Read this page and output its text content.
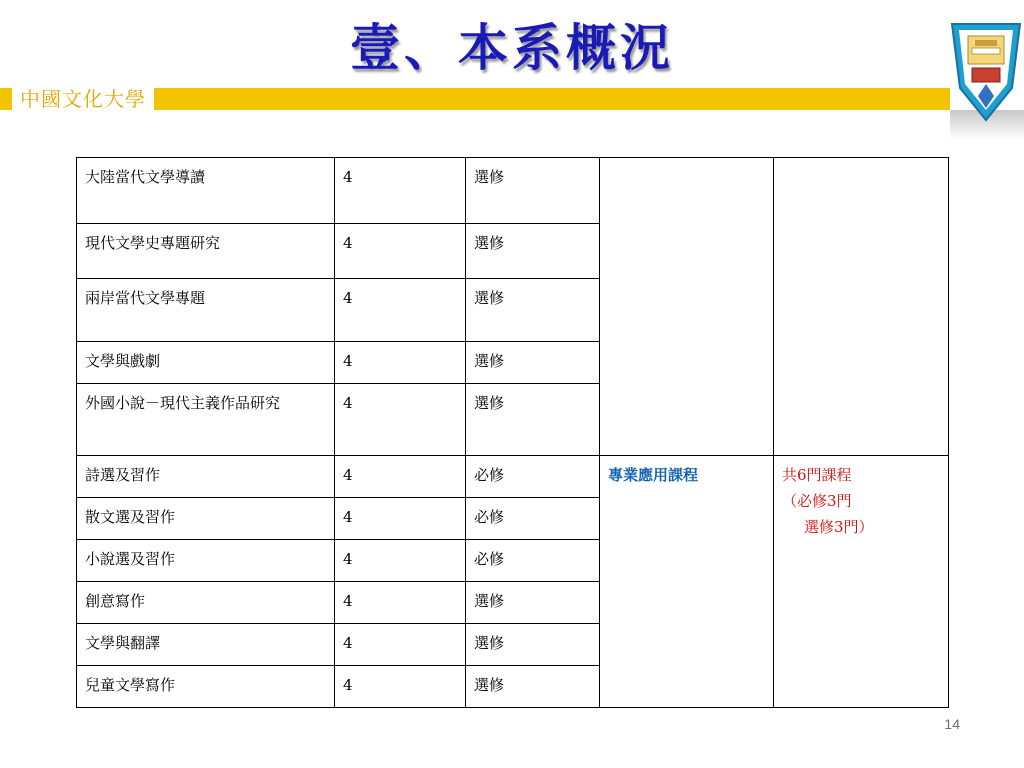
壹、本系概況
中國文化大學
大陸當代文學導讀	4	選修		
現代文學史專題研究	4	選修		
兩岸當代文學專題	4	選修		
文學與戲劇	4	選修		
外國小說－現代主義作品研究	4	選修		
詩選及習作	4	必修	專業應用課程	共6門課程
（必修3門
選修3門）

散文選及習作	4	必修		
小說選及習作	4	必修		
創意寫作	4	選修		
文學與翻譯	4	選修		
兒童文學寫作	4	選修		
14
